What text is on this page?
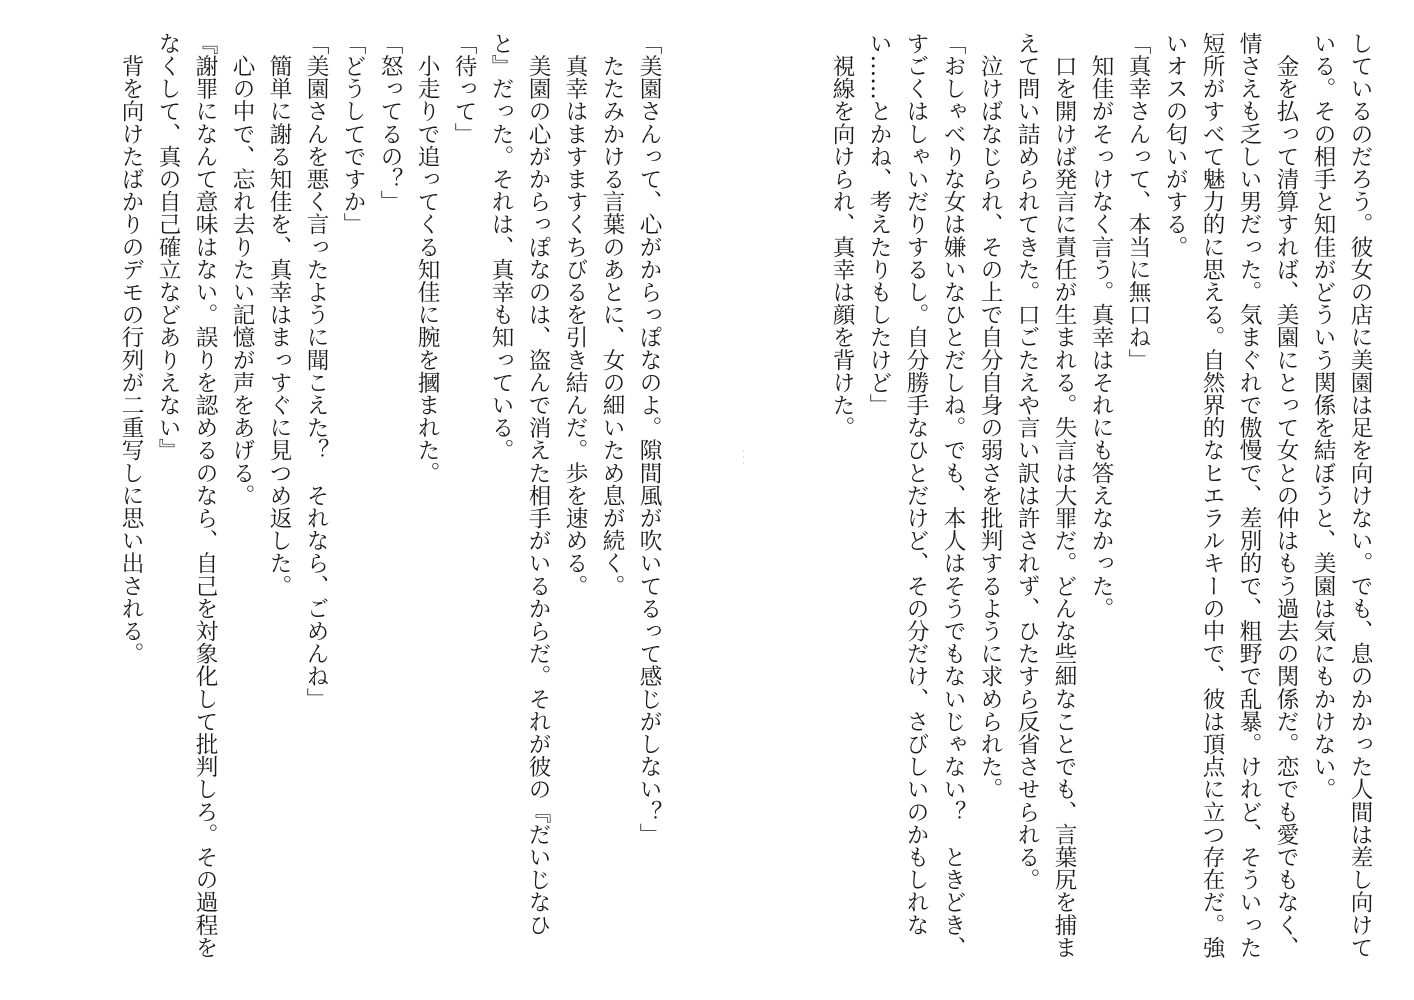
しているのだろう。彼女の店に美園は足を向けない。でも、息のかかった人間は差し向けて
いる。その相手と知佳がどういう関係を結ぼうと、美園は気にもかけない。
　金を払って清算すれば、美園にとって女との仲はもう過去の関係だ。恋でも愛でもなく、
情さえも乏しい男だった。気まぐれで傲慢で、差別的で、粗野で乱暴。けれど、そういった
短所がすべて魅力的に思える。自然界的なヒエラルキーの中で、彼は頂点に立つ存在だ。強
いオスの匂いがする。
「真幸さんって、本当に無口ね」
　知佳がそっけなく言う。真幸はそれにも答えなかった。
　口を開けば発言に責任が生まれる。失言は大罪だ。どんな些細なことでも、言葉尻を捕ま
えて問い詰められてきた。口ごたえや言い訳は許されず、ひたすら反省させられる。
　泣けばなじられ、その上で自分自身の弱さを批判するように求められた。
「おしゃべりな女は嫌いなひとだしね。でも、本人はそうでもないじゃない？　ときどき、
すごくはしゃいだりするし。自分勝手なひとだけど、その分だけ、さびしいのかもしれな
い……とかね、考えたりもしたけど」
　視線を向けられ、真幸は顔を背けた。
「美園さんって、心がからっぽなのよ。隙間風が吹いてるって感じがしない？」
　たたみかける言葉のあとに、女の細いため息が続く。
　真幸はますますくちびるを引き結んだ。歩を速める。
　美園の心がからっぽなのは、盗んで消えた相手がいるからだ。それが彼の『だいじなひ
と』だった。それは、真幸も知っている。
「待って」
　小走りで追ってくる知佳に腕を摑まれた。
「怒ってるの？」
「どうしてですか」
「美園さんを悪く言ったように聞こえた？　それなら、ごめんね」
　簡単に謝る知佳を、真幸はまっすぐに見つめ返した。
　心の中で、忘れ去りたい記憶が声をあげる。
『謝罪になんて意味はない。誤りを認めるのなら、自己を対象化して批判しろ。その過程を
なくして、真の自己確立などありえない』
　背を向けたばかりのデモの行列が二重写しに思い出される。	・・・
